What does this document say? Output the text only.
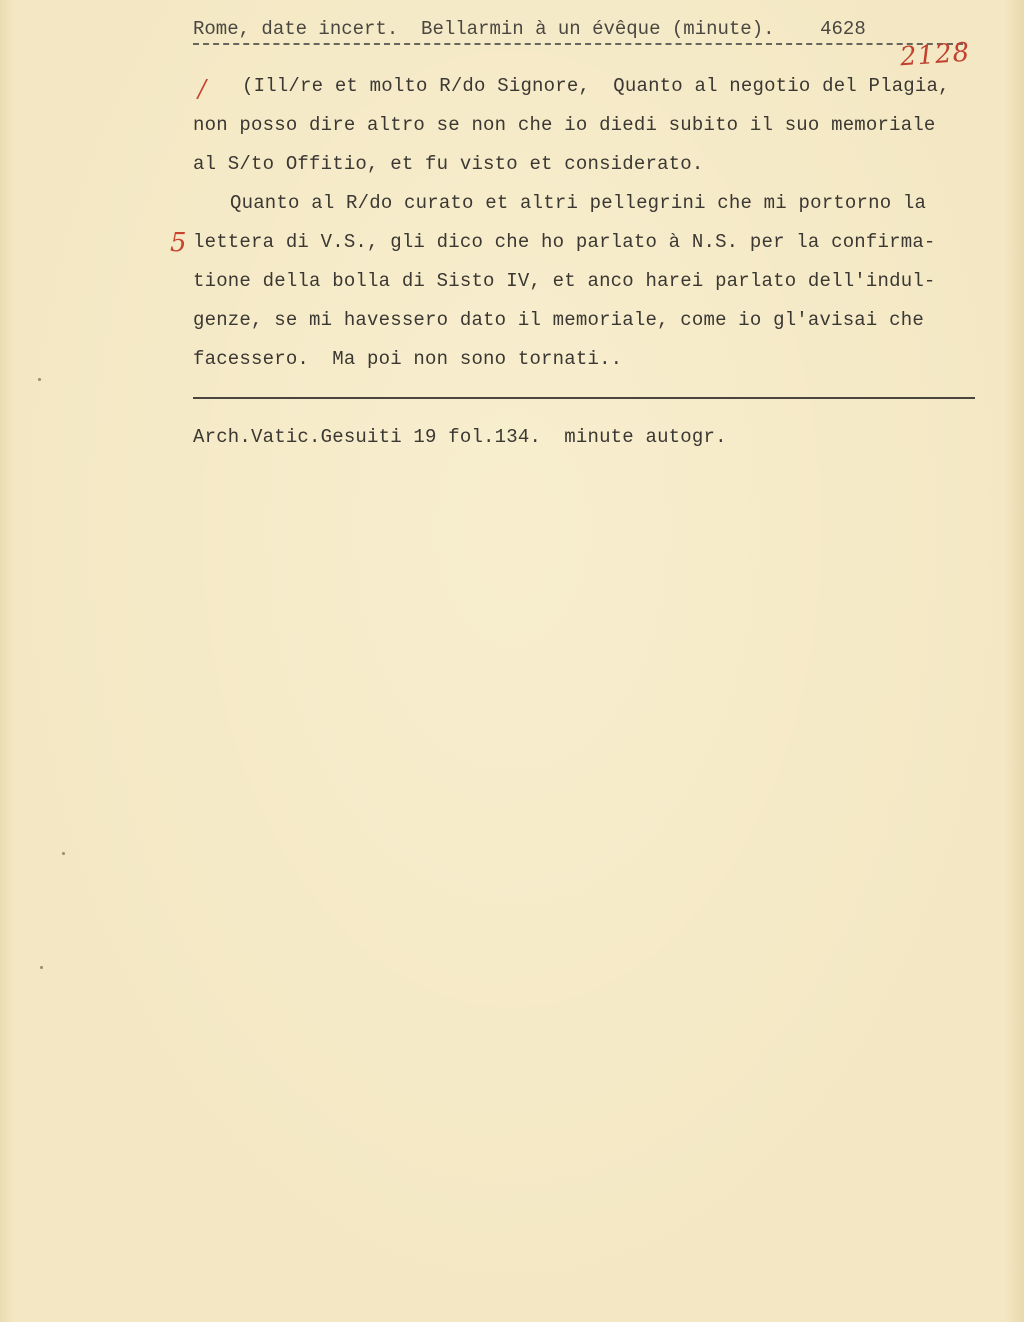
Rome, date incert. Bellarmin à un évêque (minute). 4628
2128
/
5
(Ill/re et molto R/do Signore,  Quanto al negotio del Plagia,
non posso dire altro se non che io diedi subito il suo memoriale
al S/to Offitio, et fu visto et considerato.
Quanto al R/do curato et altri pellegrini che mi portorno la
lettera di V.S., gli dico che ho parlato à N.S. per la confirma-
tione della bolla di Sisto IV, et anco harei parlato dell'indul-
genze, se mi havessero dato il memoriale, come io gl'avisai che
facessero.  Ma poi non sono tornati..
Arch.Vatic.Gesuiti 19 fol.134.  minute autogr.
